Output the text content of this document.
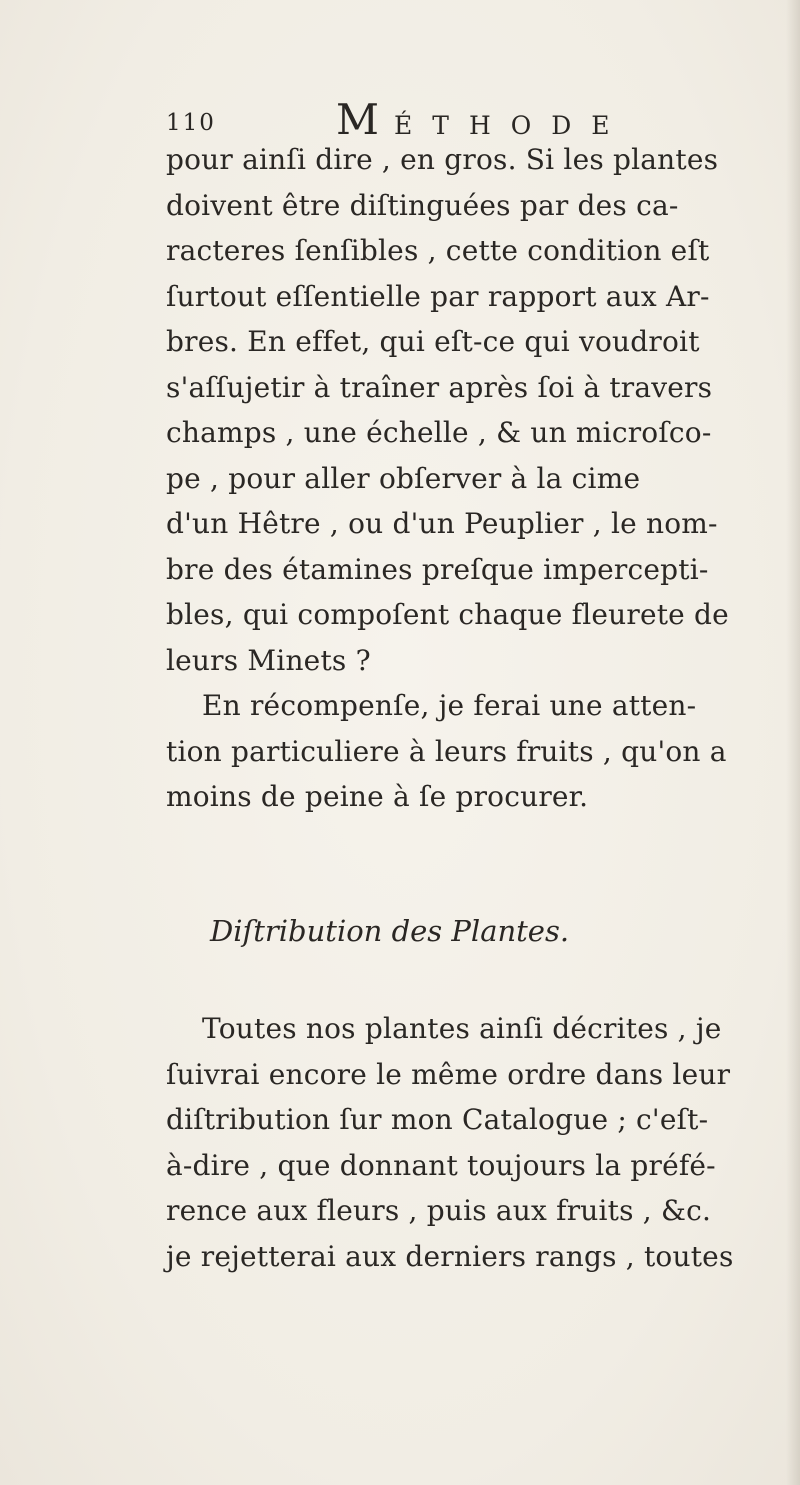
110	MÉTHODE
pour ainſi dire , en gros. Si les plantes
doivent être diſtinguées par des ca-
racteres ſenſibles , cette condition eſt
ſurtout eſſentielle par rapport aux Ar-
bres. En effet, qui eſt-ce qui voudroit
s'aſſujetir à traîner après ſoi à travers
champs , une échelle , & un microſco-
pe , pour aller obſerver à la cime
d'un Hêtre , ou d'un Peuplier , le nom-
bre des étamines preſque impercepti-
bles, qui compoſent chaque fleurete de
leurs Minets ?
En récompenſe, je ferai une atten-
tion particuliere à leurs fruits , qu'on a
moins de peine à ſe procurer.
Diſtribution des Plantes.
Toutes nos plantes ainſi décrites , je
ſuivrai encore le même ordre dans leur
diſtribution ſur mon Catalogue ; c'eſt-
à-dire , que donnant toujours la préfé-
rence aux fleurs , puis aux fruits , &c.
je rejetterai aux derniers rangs , toutes
